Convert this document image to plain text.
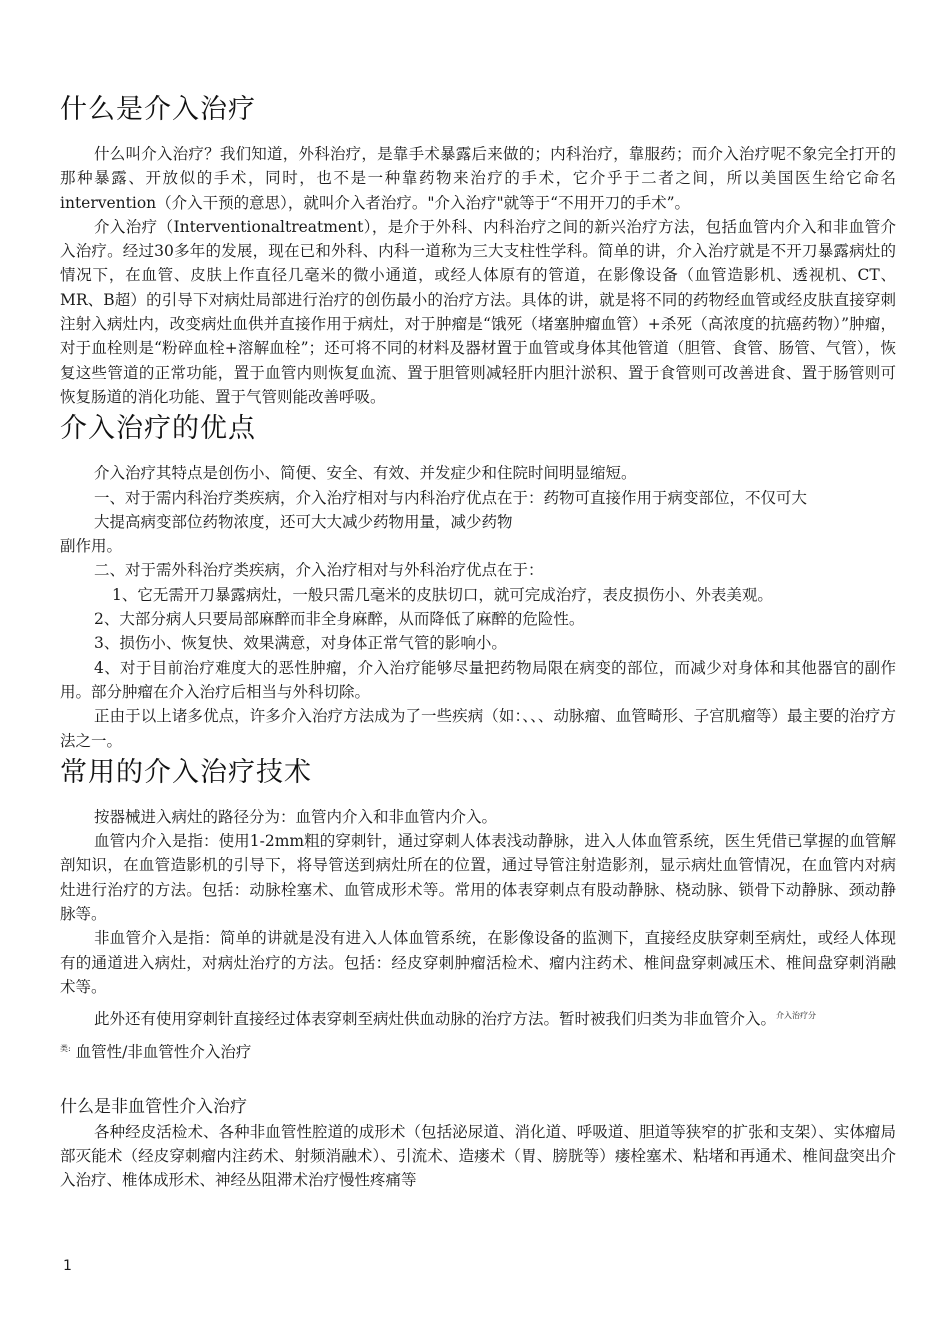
什么是介入治疗

什么叫介入治疗？我们知道，外科治疗，是靠手术暴露后来做的；内科治疗，靠服药；而介入治疗呢不象完全打开的那种暴露、开放似的手术，同时，也不是一种靠药物来治疗的手术，它介乎于二者之间，所以美国医生给它命名intervention（介入干预的意思），就叫介入者治疗。"介入治疗"就等于“不用开刀的手术”。

介入治疗（Interventionaltreatment），是介于外科、内科治疗之间的新兴治疗方法，包括血管内介入和非血管介入治疗。经过30多年的发展，现在已和外科、内科一道称为三大支柱性学科。简单的讲，介入治疗就是不开刀暴露病灶的情况下，在血管、皮肤上作直径几毫米的微小通道，或经人体原有的管道，在影像设备（血管造影机、透视机、CT、MR、B超）的引导下对病灶局部进行治疗的创伤最小的治疗方法。具体的讲，就是将不同的药物经血管或经皮肤直接穿刺注射入病灶内，改变病灶血供并直接作用于病灶，对于肿瘤是“饿死（堵塞肿瘤血管）+杀死（高浓度的抗癌药物）”肿瘤，对于血栓则是“粉碎血栓+溶解血栓”；还可将不同的材料及器材置于血管或身体其他管道（胆管、食管、肠管、气管），恢复这些管道的正常功能，置于血管内则恢复血流、置于胆管则减轻肝内胆汁淤积、置于食管则可改善进食、置于肠管则可恢复肠道的消化功能、置于气管则能改善呼吸。

介入治疗的优点

介入治疗其特点是创伤小、简便、安全、有效、并发症少和住院时间明显缩短。

一、对于需内科治疗类疾病，介入治疗相对与内科治疗优点在于：药物可直接作用于病变部位，不仅可大

大提高病变部位药物浓度，还可大大减少药物用量，减少药物

副作用。

二、对于需外科治疗类疾病，介入治疗相对与外科治疗优点在于：

1、它无需开刀暴露病灶，一般只需几毫米的皮肤切口，就可完成治疗，表皮损伤小、外表美观。

2、大部分病人只要局部麻醉而非全身麻醉，从而降低了麻醉的危险性。

3、损伤小、恢复快、效果满意，对身体正常气管的影响小。

4、对于目前治疗难度大的恶性肿瘤，介入治疗能够尽量把药物局限在病变的部位，而减少对身体和其他器官的副作用。部分肿瘤在介入治疗后相当与外科切除。

正由于以上诸多优点，许多介入治疗方法成为了一些疾病（如：、、、动脉瘤、血管畸形、子宫肌瘤等）最主要的治疗方法之一。

常用的介入治疗技术

按器械进入病灶的路径分为：血管内介入和非血管内介入。

血管内介入是指：使用1-2mm粗的穿刺针，通过穿刺人体表浅动静脉，进入人体血管系统，医生凭借已掌握的血管解剖知识，在血管造影机的引导下，将导管送到病灶所在的位置，通过导管注射造影剂，显示病灶血管情况，在血管内对病灶进行治疗的方法。包括：动脉栓塞术、血管成形术等。常用的体表穿刺点有股动静脉、桡动脉、锁骨下动静脉、颈动静脉等。

非血管介入是指：简单的讲就是没有进入人体血管系统，在影像设备的监测下，直接经皮肤穿刺至病灶，或经人体现有的通道进入病灶，对病灶治疗的方法。包括：经皮穿刺肿瘤活检术、瘤内注药术、椎间盘穿刺减压术、椎间盘穿刺消融术等。

此外还有使用穿刺针直接经过体表穿刺至病灶供血动脉的治疗方法。暂时被我们归类为非血管介入。$^{介入治疗分}$

$^{类:}$ 血管性/非血管性介入治疗

什么是非血管性介入治疗

各种经皮活检术、各种非血管性腔道的成形术（包括泌尿道、消化道、呼吸道、胆道等狭窄的扩张和支架）、实体瘤局部灭能术（经皮穿刺瘤内注药术、射频消融术）、引流术、造瘘术（胃、膀胱等）瘘栓塞术、粘堵和再通术、椎间盘突出介入治疗、椎体成形术、神经丛阻滞术治疗慢性疼痛等

1
